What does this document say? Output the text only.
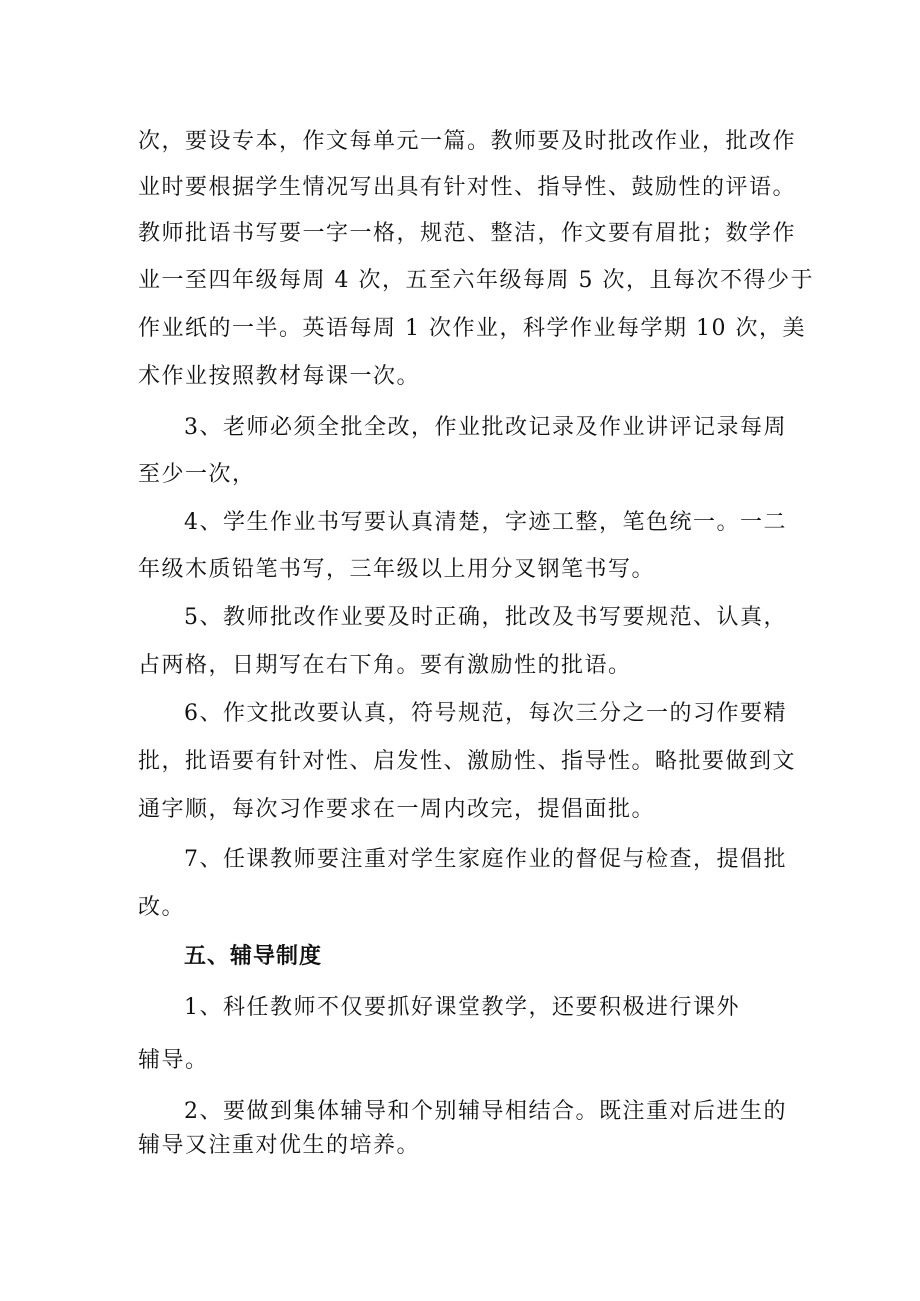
次，要设专本，作文每单元一篇。教师要及时批改作业，批改作
业时要根据学生情况写出具有针对性、指导性、鼓励性的评语。
教师批语书写要一字一格，规范、整洁，作文要有眉批；数学作
业一至四年级每周 4 次，五至六年级每周 5 次，且每次不得少于
作业纸的一半。英语每周 1 次作业，科学作业每学期 10 次，美
术作业按照教材每课一次。
3、老师必须全批全改，作业批改记录及作业讲评记录每周
至少一次，
4、学生作业书写要认真清楚，字迹工整，笔色统一。一二
年级木质铅笔书写，三年级以上用分叉钢笔书写。
5、教师批改作业要及时正确，批改及书写要规范、认真，
占两格，日期写在右下角。要有激励性的批语。
6、作文批改要认真，符号规范，每次三分之一的习作要精
批，批语要有针对性、启发性、激励性、指导性。略批要做到文
通字顺，每次习作要求在一周内改完，提倡面批。
7、任课教师要注重对学生家庭作业的督促与检查，提倡批
改。
五、辅导制度
1、科任教师不仅要抓好课堂教学，还要积极进行课外
辅导。
2、要做到集体辅导和个别辅导相结合。既注重对后进生的
辅导又注重对优生的培养。
